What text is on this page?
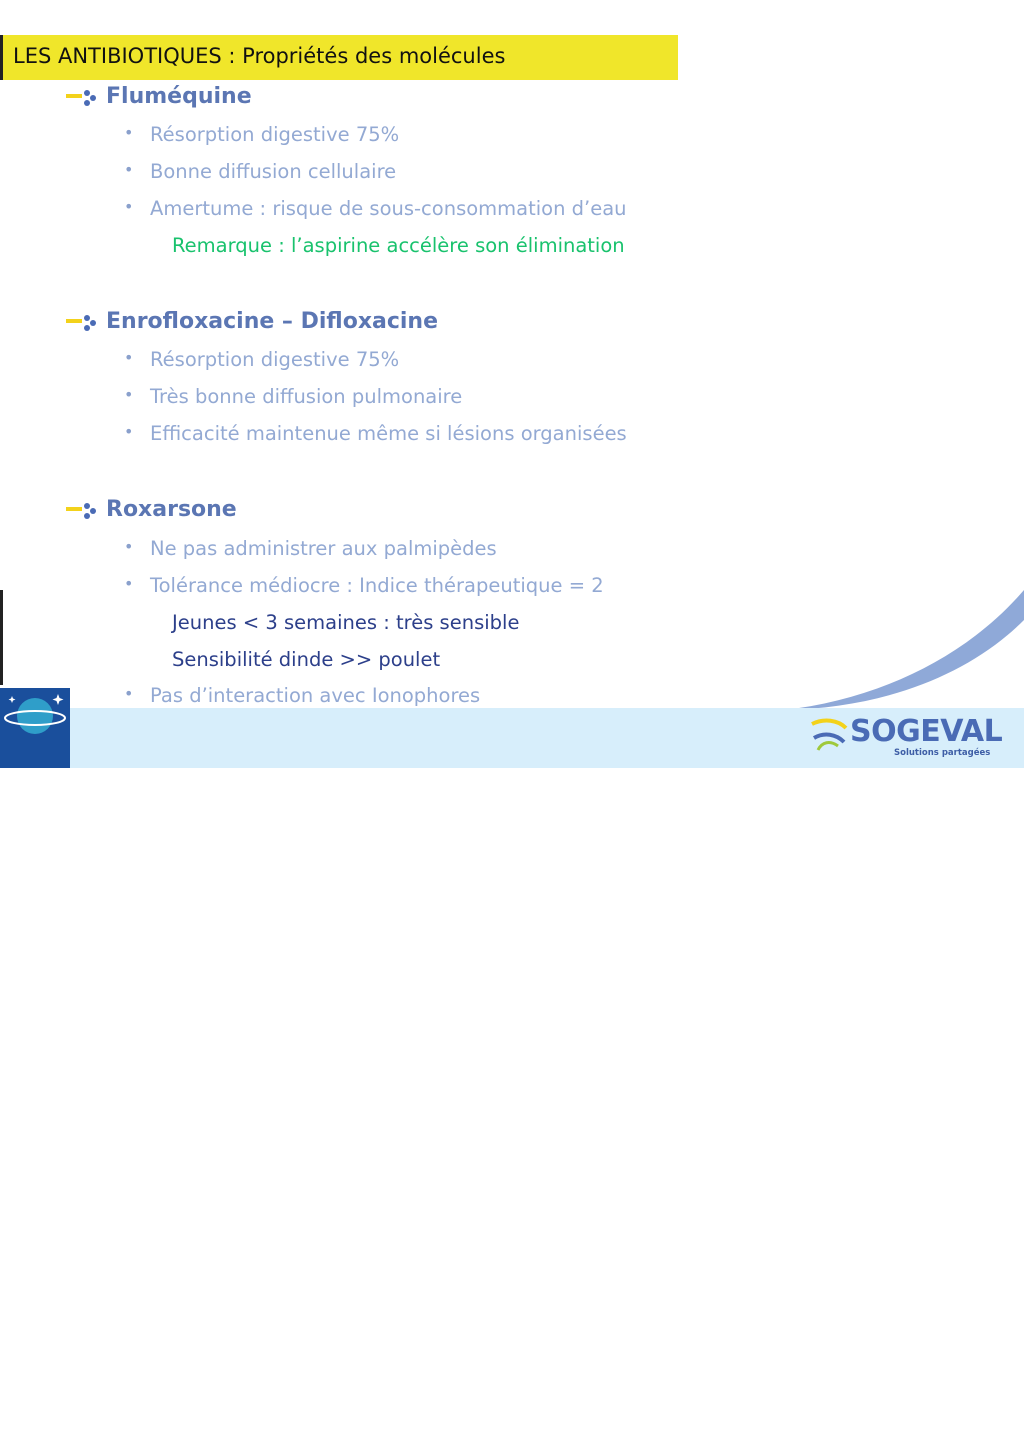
LES ANTIBIOTIQUES : Propriétés des molécules
Fluméquine
• Résorption digestive 75%
• Bonne diffusion cellulaire
• Amertume : risque de sous-consommation d’eau
Remarque : l’aspirine accélère son élimination
Enrofloxacine – Difloxacine
• Résorption digestive 75%
• Très bonne diffusion pulmonaire
• Efficacité maintenue même si lésions organisées
Roxarsone
• Ne pas administrer aux palmipèdes
• Tolérance médiocre : Indice thérapeutique = 2
Jeunes < 3 semaines : très sensible
Sensibilité dinde >> poulet
• Pas d’interaction avec Ionophores
lab•elvet
SOGEVAL
Solutions partagées
